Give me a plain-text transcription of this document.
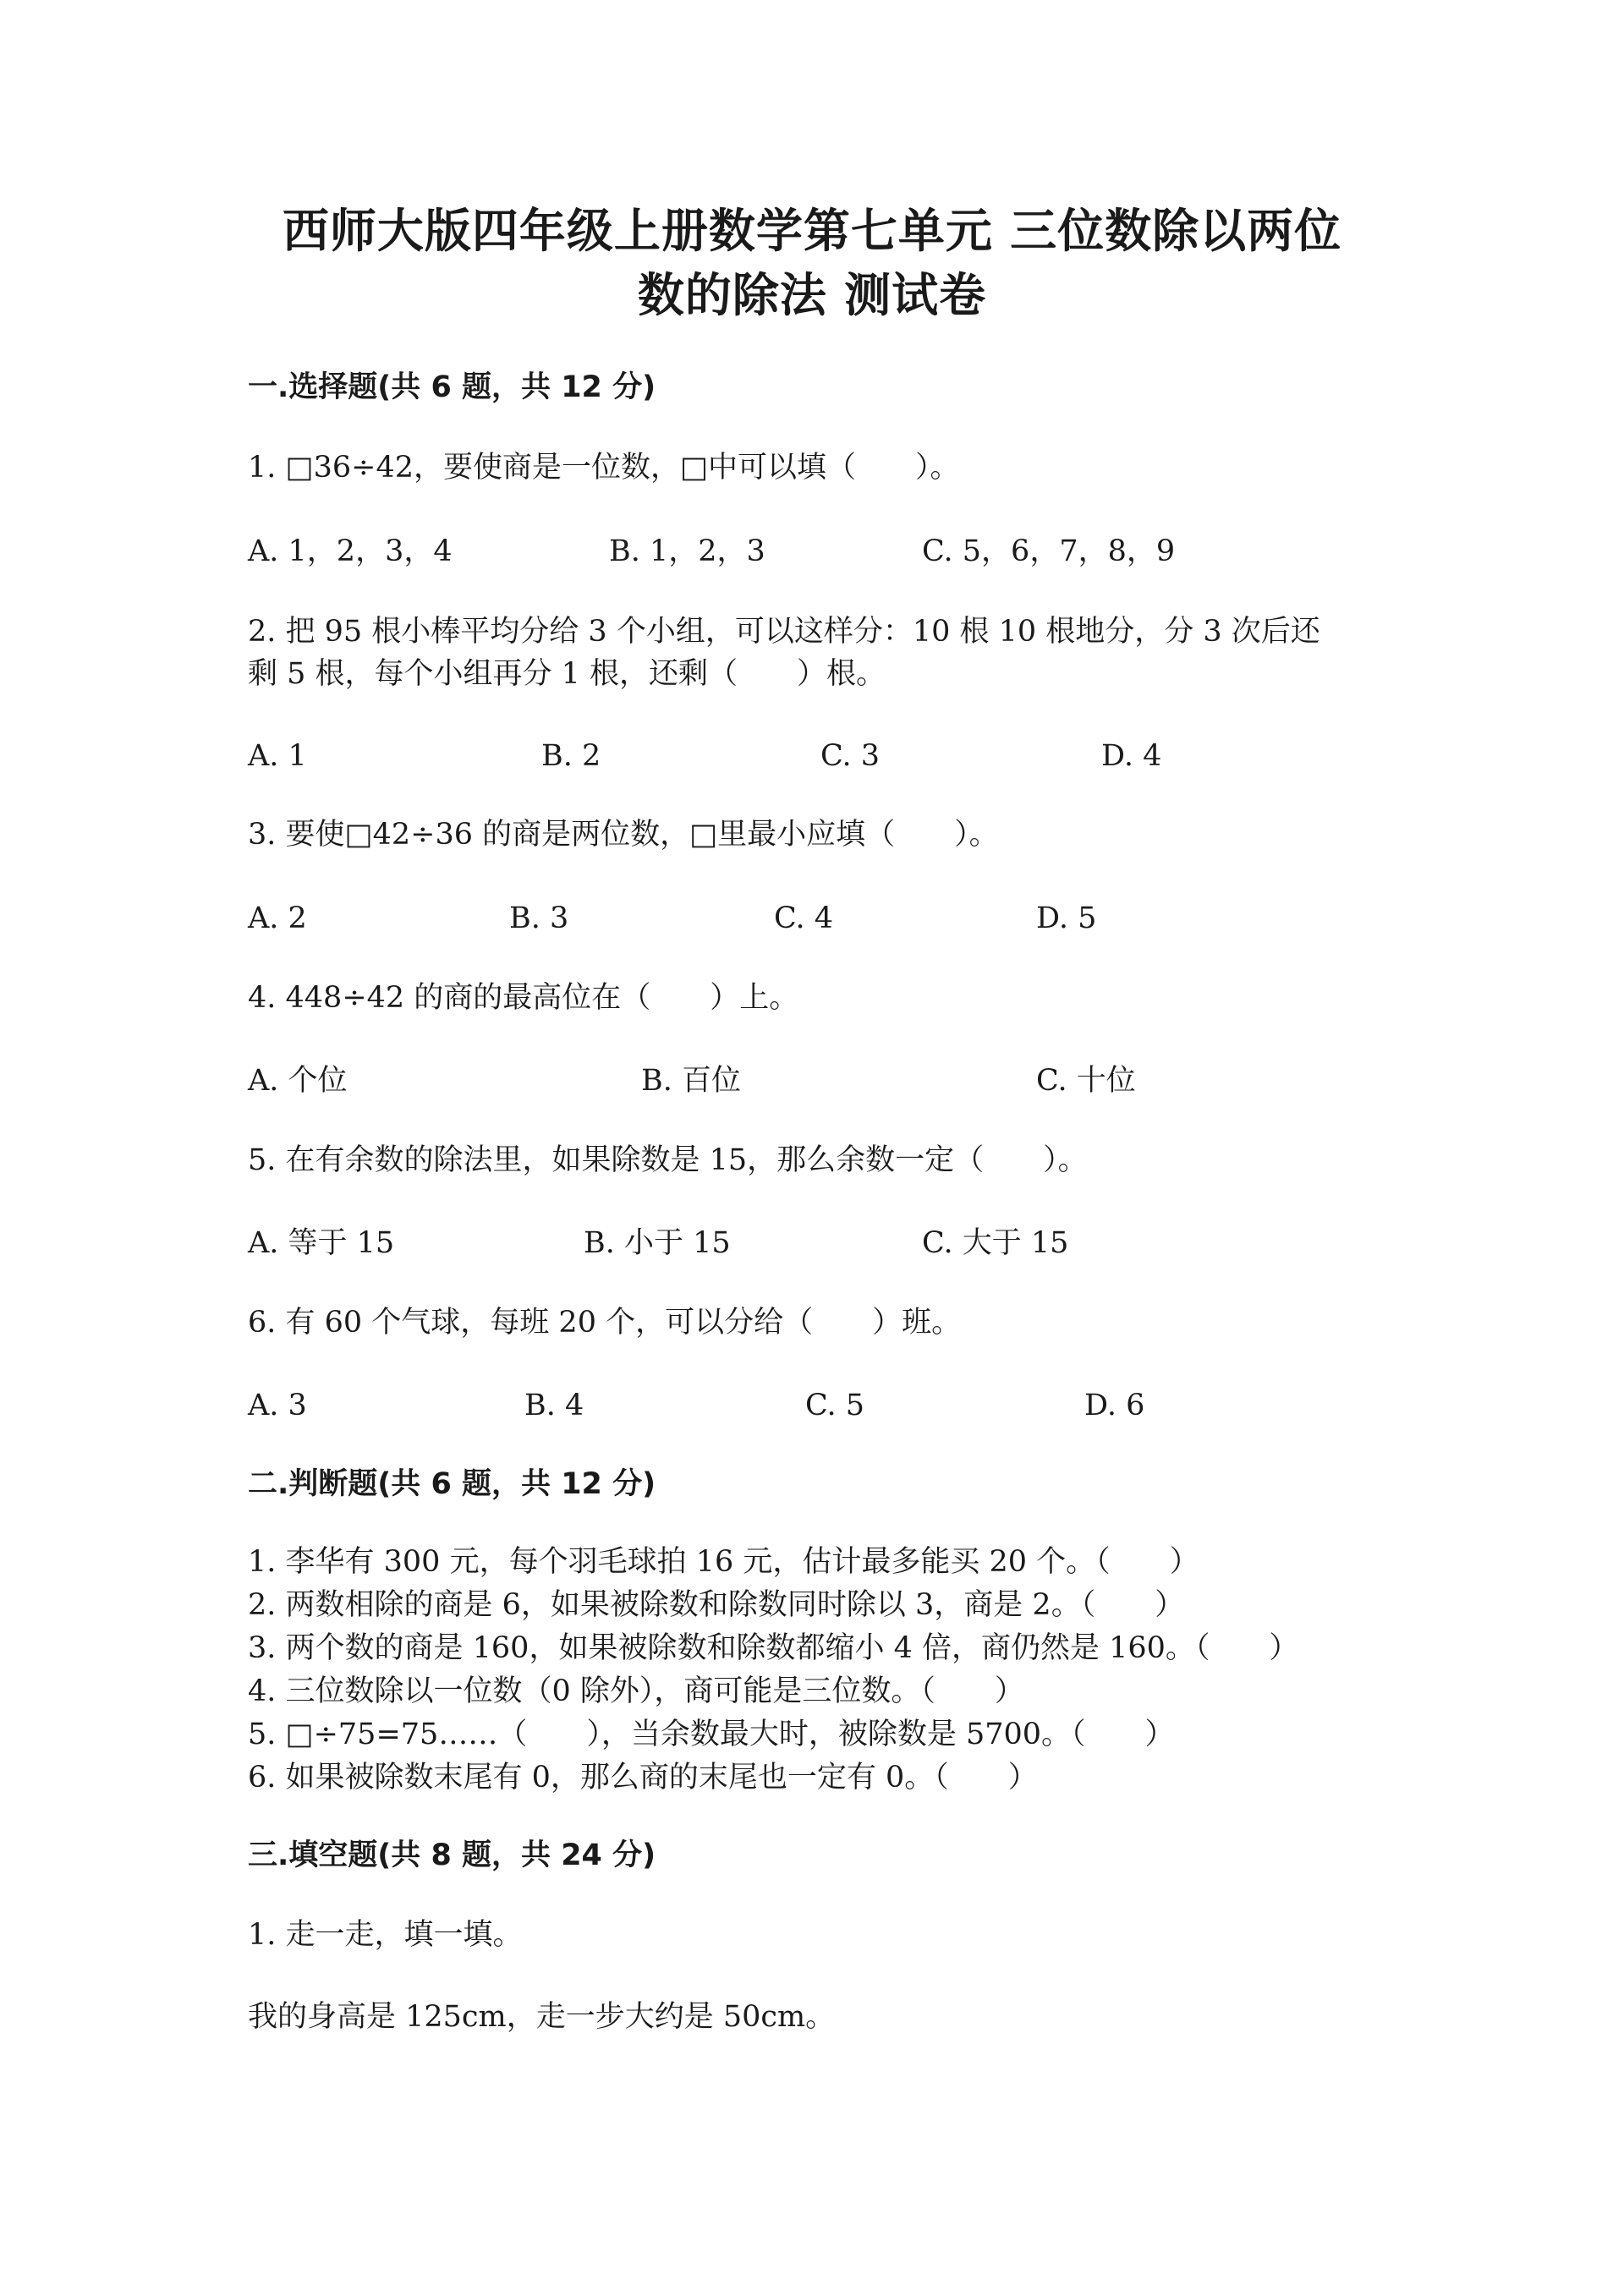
西师大版四年级上册数学第七单元 三位数除以两位
数的除法 测试卷
一.选择题(共 6 题，共 12 分)
1. □36÷42，要使商是一位数，□中可以填（　　）。
A. 1，2，3，4	B. 1，2，3	C. 5，6，7，8，9
2. 把 95 根小棒平均分给 3 个小组，可以这样分：10 根 10 根地分，分 3 次后还
剩 5 根，每个小组再分 1 根，还剩（　　）根。
A. 1	B. 2	C. 3	D. 4
3. 要使□42÷36 的商是两位数，□里最小应填（　　）。
A. 2	B. 3	C. 4	D. 5
4. 448÷42 的商的最高位在（　　）上。
A. 个位	B. 百位	C. 十位
5. 在有余数的除法里，如果除数是 15，那么余数一定（　　）。
A. 等于 15	B. 小于 15	C. 大于 15
6. 有 60 个气球，每班 20 个，可以分给（　　）班。
A. 3	B. 4	C. 5	D. 6
二.判断题(共 6 题，共 12 分)
1. 李华有 300 元，每个羽毛球拍 16 元，估计最多能买 20 个。（　　）
2. 两数相除的商是 6，如果被除数和除数同时除以 3，商是 2。（　　）
3. 两个数的商是 160，如果被除数和除数都缩小 4 倍，商仍然是 160。（　　）
4. 三位数除以一位数（0 除外），商可能是三位数。（　　）
5. □÷75=75……（　　），当余数最大时，被除数是 5700。（　　）
6. 如果被除数末尾有 0，那么商的末尾也一定有 0。（　　）
三.填空题(共 8 题，共 24 分)
1. 走一走，填一填。
我的身高是 125cm，走一步大约是 50cm。
